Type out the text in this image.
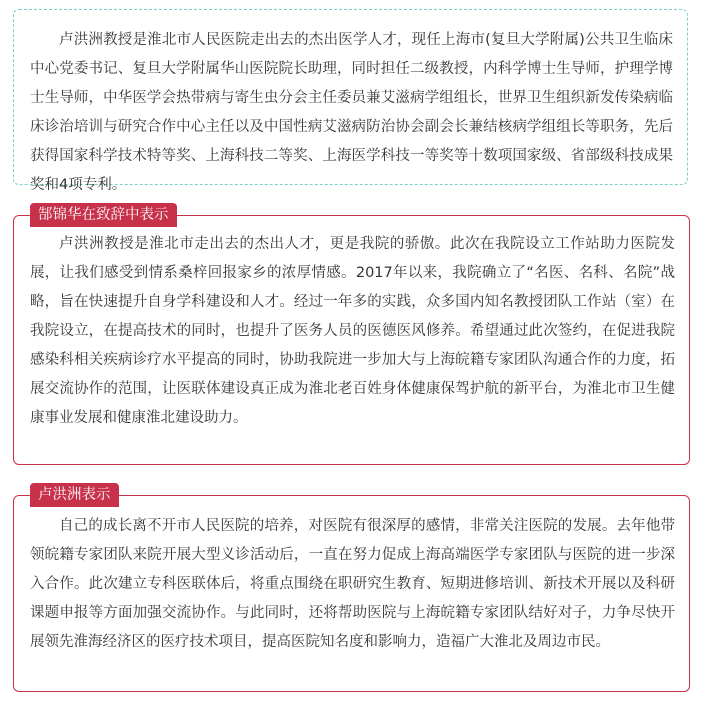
卢洪洲教授是淮北市人民医院走出去的杰出医学人才，现任上海市(复旦大学附属)公共卫生临床中心党委书记、复旦大学附属华山医院院长助理，同时担任二级教授，内科学博士生导师，护理学博士生导师，中华医学会热带病与寄生虫分会主任委员兼艾滋病学组组长，世界卫生组织新发传染病临床诊治培训与研究合作中心主任以及中国性病艾滋病防治协会副会长兼结核病学组组长等职务，先后获得国家科学技术特等奖、上海科技二等奖、上海医学科技一等奖等十数项国家级、省部级科技成果奖和4项专利。

卢洪洲教授是淮北市走出去的杰出人才，更是我院的骄傲。此次在我院设立工作站助力医院发展，让我们感受到情系桑梓回报家乡的浓厚情感。2017年以来，我院确立了“名医、名科、名院”战略，旨在快速提升自身学科建设和人才。经过一年多的实践，众多国内知名教授团队工作站（室）在我院设立，在提高技术的同时，也提升了医务人员的医德医风修养。希望通过此次签约，在促进我院感染科相关疾病诊疗水平提高的同时，协助我院进一步加大与上海皖籍专家团队沟通合作的力度，拓展交流协作的范围，让医联体建设真正成为淮北老百姓身体健康保驾护航的新平台，为淮北市卫生健康事业发展和健康淮北建设助力。

郜锦华在致辞中表示

自己的成长离不开市人民医院的培养，对医院有很深厚的感情，非常关注医院的发展。去年他带领皖籍专家团队来院开展大型义诊活动后，一直在努力促成上海高端医学专家团队与医院的进一步深入合作。此次建立专科医联体后，将重点围绕在职研究生教育、短期进修培训、新技术开展以及科研课题申报等方面加强交流协作。与此同时，还将帮助医院与上海皖籍专家团队结好对子，力争尽快开展领先淮海经济区的医疗技术项目，提高医院知名度和影响力，造福广大淮北及周边市民。

卢洪洲表示
